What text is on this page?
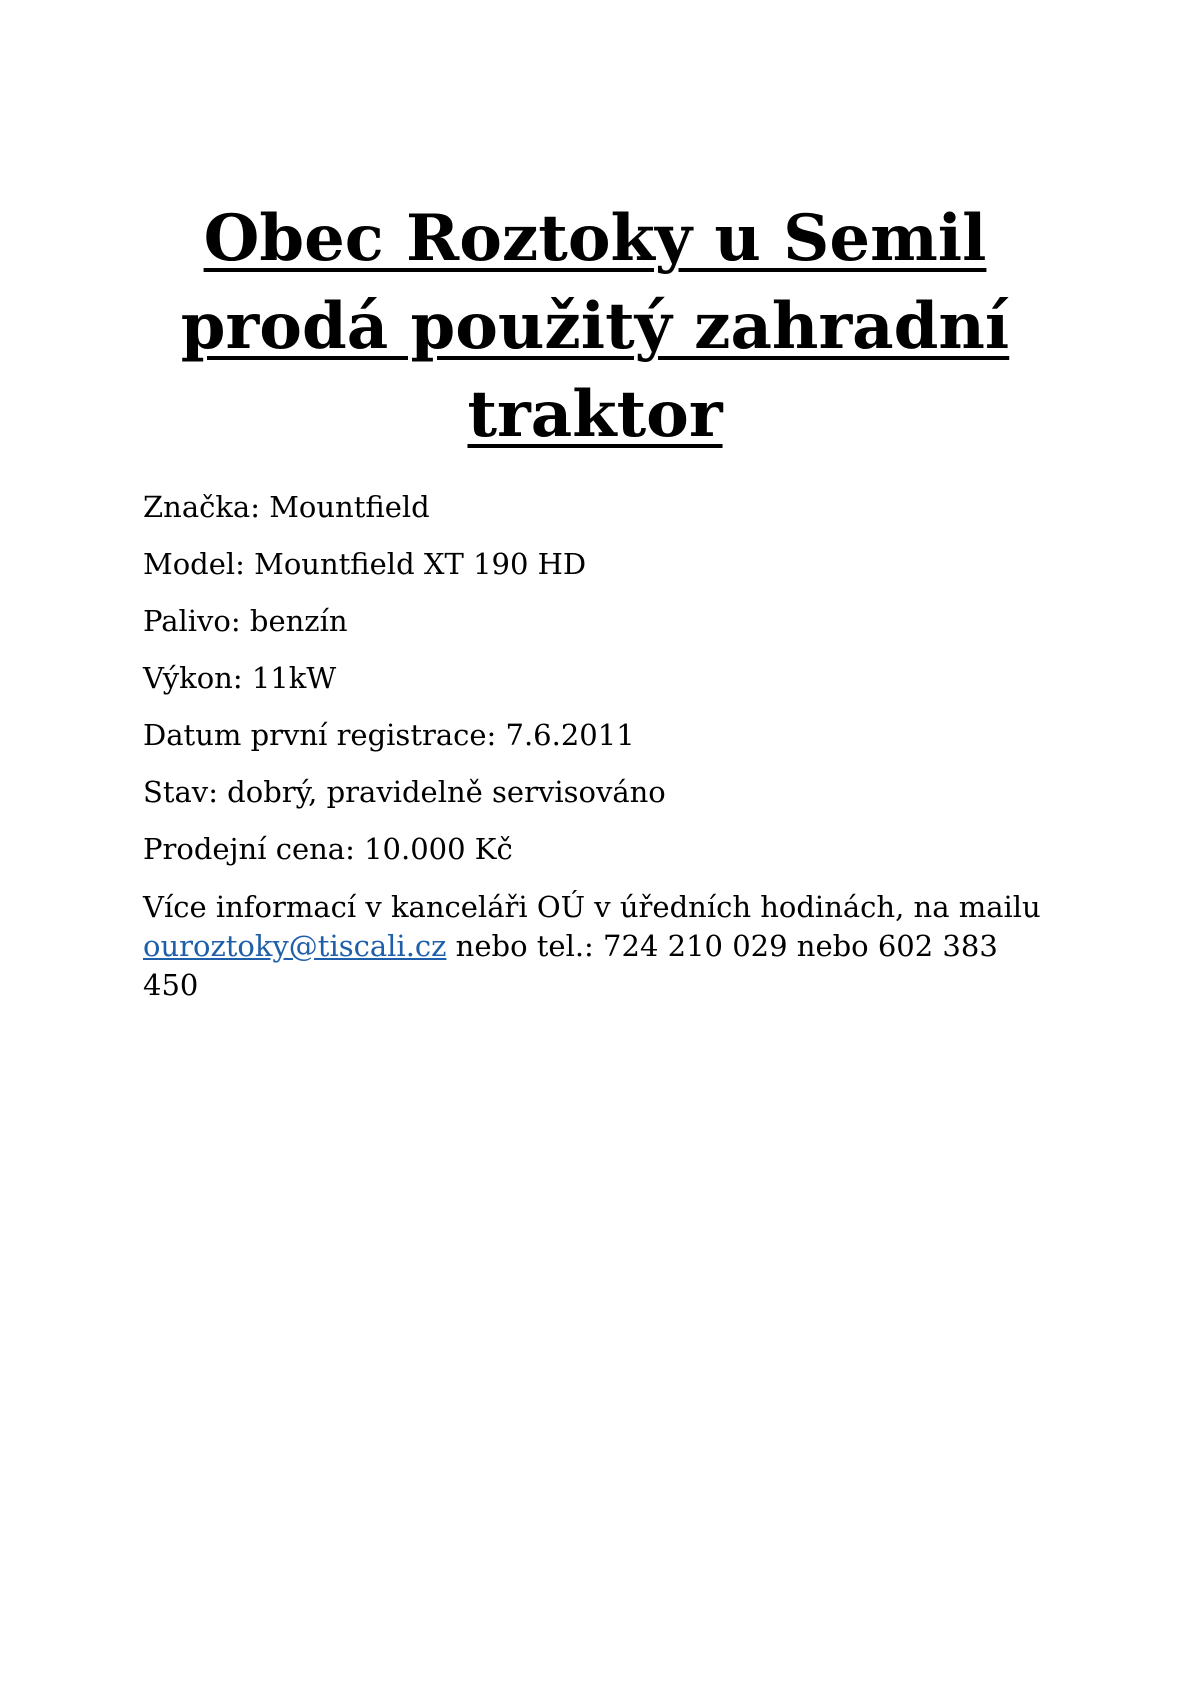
Obec Roztoky u Semil
prodá použitý zahradní
traktor

Značka: Mountfield

Model: Mountfield XT 190 HD

Palivo: benzín

Výkon: 11kW

Datum první registrace: 7.6.2011

Stav: dobrý, pravidelně servisováno

Prodejní cena: 10.000 Kč

Více informací v kanceláři OÚ v úředních hodinách, na mailu ouroztoky@tiscali.cz nebo tel.: 724 210 029 nebo 602 383 450
